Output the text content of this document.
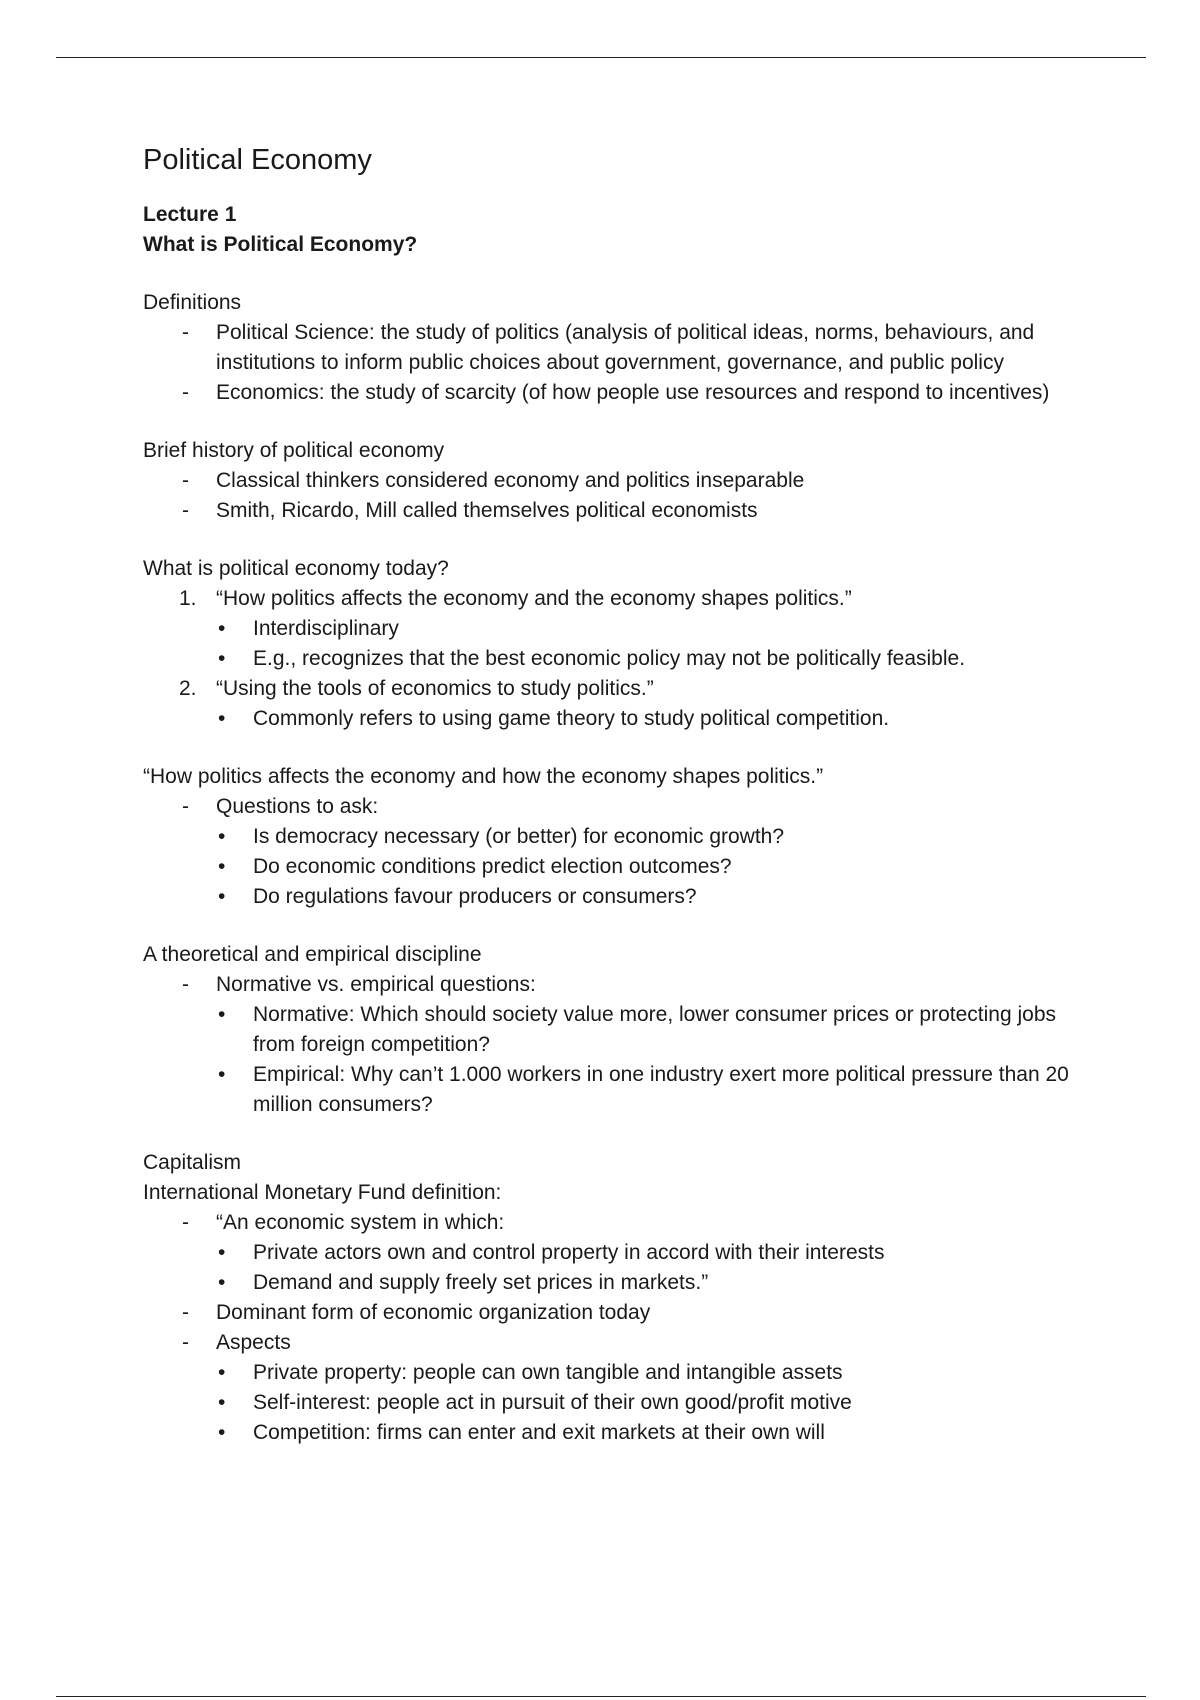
Political Economy
Lecture 1
What is Political Economy?
Definitions
-	Political Science: the study of politics (analysis of political ideas, norms, behaviours, and institutions to inform public choices about government, governance, and public policy
-	Economics: the study of scarcity (of how people use resources and respond to incentives)
Brief history of political economy
-	Classical thinkers considered economy and politics inseparable
-	Smith, Ricardo, Mill called themselves political economists
What is political economy today?
1. “How politics affects the economy and the economy shapes politics.”
•	Interdisciplinary
•	E.g., recognizes that the best economic policy may not be politically feasible.
2. “Using the tools of economics to study politics.”
•	Commonly refers to using game theory to study political competition.
“How politics affects the economy and how the economy shapes politics.”
-	Questions to ask:
•	Is democracy necessary (or better) for economic growth?
•	Do economic conditions predict election outcomes?
•	Do regulations favour producers or consumers?
A theoretical and empirical discipline
-	Normative vs. empirical questions:
•	Normative: Which should society value more, lower consumer prices or protecting jobs from foreign competition?
•	Empirical: Why can’t 1.000 workers in one industry exert more political pressure than 20 million consumers?
Capitalism
International Monetary Fund definition:
-	“An economic system in which:
•	Private actors own and control property in accord with their interests
•	Demand and supply freely set prices in markets.”
-	Dominant form of economic organization today
-	Aspects
•	Private property: people can own tangible and intangible assets
•	Self-interest: people act in pursuit of their own good/profit motive
•	Competition: firms can enter and exit markets at their own will
